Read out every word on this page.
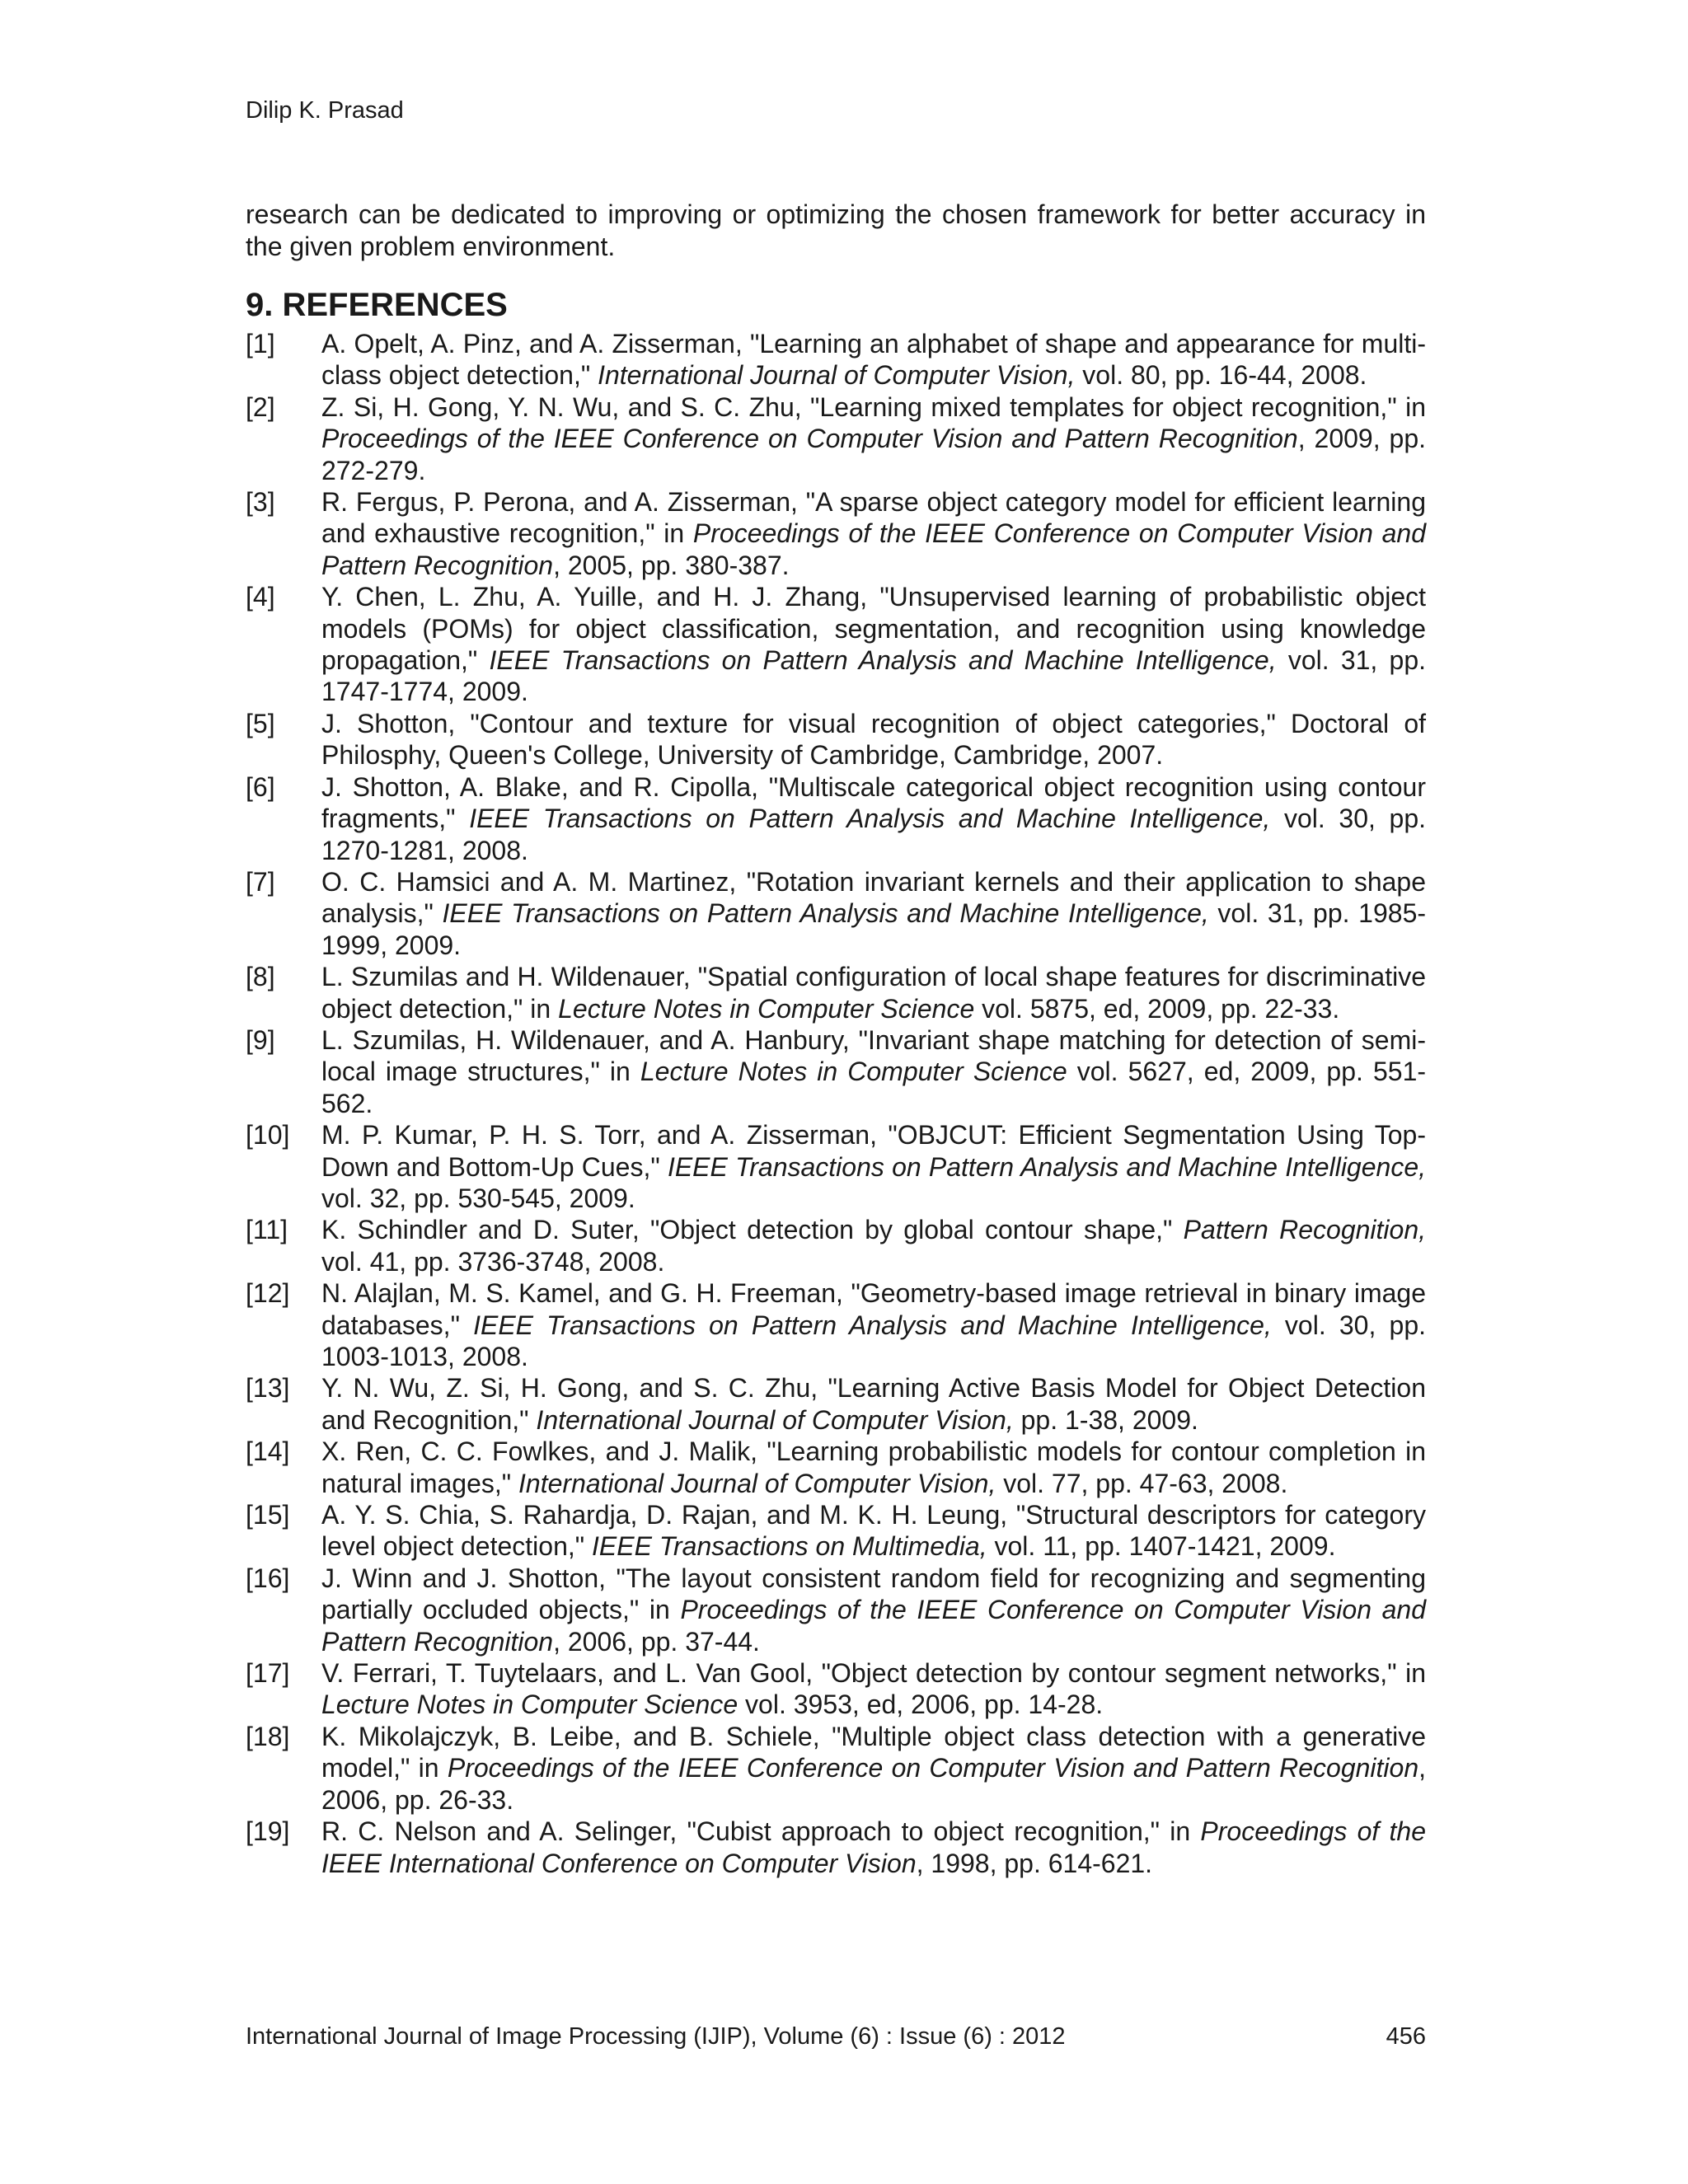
Dilip K. Prasad

research can be dedicated to improving or optimizing the chosen framework for better accuracy in the given problem environment.

9. REFERENCES
[1]	A. Opelt, A. Pinz, and A. Zisserman, "Learning an alphabet of shape and appearance for multi-class object detection," International Journal of Computer Vision, vol. 80, pp. 16-44, 2008.
[2]	Z. Si, H. Gong, Y. N. Wu, and S. C. Zhu, "Learning mixed templates for object recognition," in Proceedings of the IEEE Conference on Computer Vision and Pattern Recognition, 2009, pp. 272-279.
[3]	R. Fergus, P. Perona, and A. Zisserman, "A sparse object category model for efficient learning and exhaustive recognition," in Proceedings of the IEEE Conference on Computer Vision and Pattern Recognition, 2005, pp. 380-387.
[4]	Y. Chen, L. Zhu, A. Yuille, and H. J. Zhang, "Unsupervised learning of probabilistic object models (POMs) for object classification, segmentation, and recognition using knowledge propagation," IEEE Transactions on Pattern Analysis and Machine Intelligence, vol. 31, pp. 1747-1774, 2009.
[5]	J. Shotton, "Contour and texture for visual recognition of object categories," Doctoral of Philosphy, Queen's College, University of Cambridge, Cambridge, 2007.
[6]	J. Shotton, A. Blake, and R. Cipolla, "Multiscale categorical object recognition using contour fragments," IEEE Transactions on Pattern Analysis and Machine Intelligence, vol. 30, pp. 1270-1281, 2008.
[7]	O. C. Hamsici and A. M. Martinez, "Rotation invariant kernels and their application to shape analysis," IEEE Transactions on Pattern Analysis and Machine Intelligence, vol. 31, pp. 1985-1999, 2009.
[8]	L. Szumilas and H. Wildenauer, "Spatial configuration of local shape features for discriminative object detection," in Lecture Notes in Computer Science vol. 5875, ed, 2009, pp. 22-33.
[9]	L. Szumilas, H. Wildenauer, and A. Hanbury, "Invariant shape matching for detection of semi-local image structures," in Lecture Notes in Computer Science vol. 5627, ed, 2009, pp. 551-562.
[10]	M. P. Kumar, P. H. S. Torr, and A. Zisserman, "OBJCUT: Efficient Segmentation Using Top-Down and Bottom-Up Cues," IEEE Transactions on Pattern Analysis and Machine Intelligence, vol. 32, pp. 530-545, 2009.
[11]	K. Schindler and D. Suter, "Object detection by global contour shape," Pattern Recognition, vol. 41, pp. 3736-3748, 2008.
[12]	N. Alajlan, M. S. Kamel, and G. H. Freeman, "Geometry-based image retrieval in binary image databases," IEEE Transactions on Pattern Analysis and Machine Intelligence, vol. 30, pp. 1003-1013, 2008.
[13]	Y. N. Wu, Z. Si, H. Gong, and S. C. Zhu, "Learning Active Basis Model for Object Detection and Recognition," International Journal of Computer Vision, pp. 1-38, 2009.
[14]	X. Ren, C. C. Fowlkes, and J. Malik, "Learning probabilistic models for contour completion in natural images," International Journal of Computer Vision, vol. 77, pp. 47-63, 2008.
[15]	A. Y. S. Chia, S. Rahardja, D. Rajan, and M. K. H. Leung, "Structural descriptors for category level object detection," IEEE Transactions on Multimedia, vol. 11, pp. 1407-1421, 2009.
[16]	J. Winn and J. Shotton, "The layout consistent random field for recognizing and segmenting partially occluded objects," in Proceedings of the IEEE Conference on Computer Vision and Pattern Recognition, 2006, pp. 37-44.
[17]	V. Ferrari, T. Tuytelaars, and L. Van Gool, "Object detection by contour segment networks," in Lecture Notes in Computer Science vol. 3953, ed, 2006, pp. 14-28.
[18]	K. Mikolajczyk, B. Leibe, and B. Schiele, "Multiple object class detection with a generative model," in Proceedings of the IEEE Conference on Computer Vision and Pattern Recognition, 2006, pp. 26-33.
[19]	R. C. Nelson and A. Selinger, "Cubist approach to object recognition," in Proceedings of the IEEE International Conference on Computer Vision, 1998, pp. 614-621.
International Journal of Image Processing (IJIP), Volume (6) : Issue (6) : 2012	456
